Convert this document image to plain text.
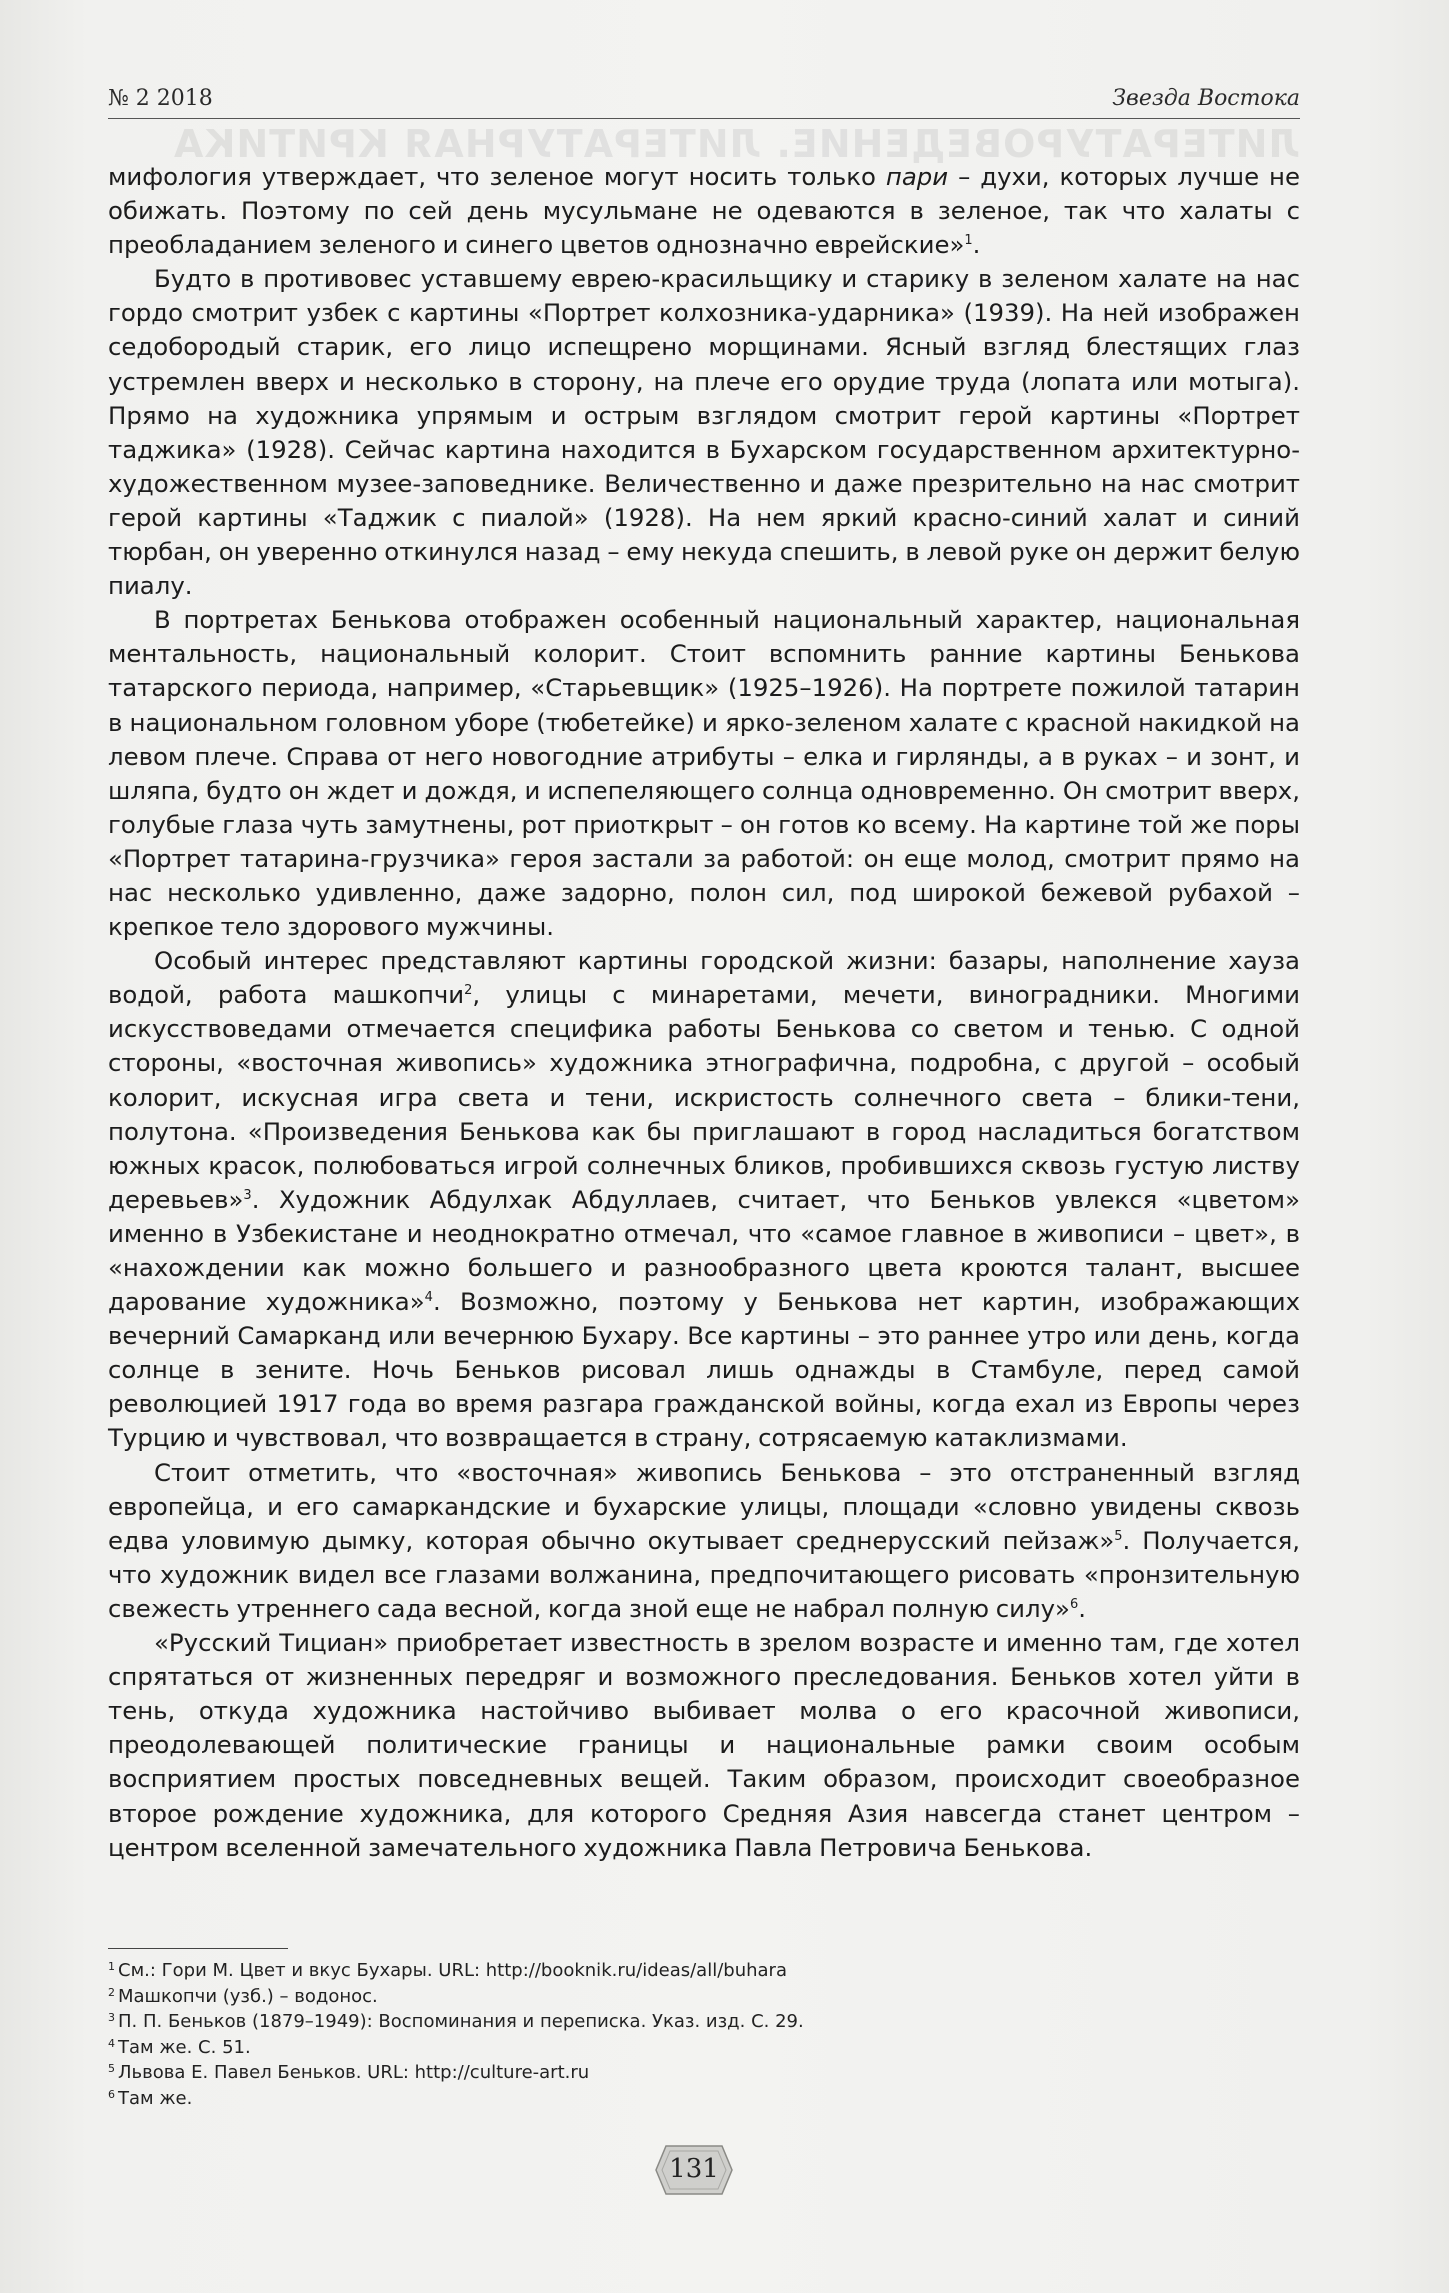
№ 2 2018	Звезда Востока
ЛИТЕРАТУРОВЕДЕНИЕ. ЛИТЕРАТУРНАЯ КРИТИКА

мифология утверждает, что зеленое могут носить только пари – духи, которых лучше не обижать. Поэтому по сей день мусульмане не одеваются в зеленое, так что халаты с преобладанием зеленого и синего цветов однозначно еврейские»$^1$.

Будто в противовес уставшему еврею-красильщику и старику в зеленом халате на нас гордо смотрит узбек с картины «Портрет колхозника-ударника» (1939). На ней изображен седобородый старик, его лицо испещрено морщинами. Ясный взгляд блестящих глаз устремлен вверх и несколько в сторону, на плече его орудие труда (лопата или мотыга). Прямо на художника упрямым и острым взглядом смотрит герой картины «Портрет таджика» (1928). Сейчас картина находится в Бухарском государственном архитектурно-художественном музее-заповеднике. Величественно и даже презрительно на нас смотрит герой картины «Таджик с пиалой» (1928). На нем яркий красно-синий халат и синий тюрбан, он уверенно откинулся назад – ему некуда спешить, в левой руке он держит белую пиалу.

В портретах Бенькова отображен особенный национальный характер, национальная ментальность, национальный колорит. Стоит вспомнить ранние картины Бенькова татарского периода, например, «Старьевщик» (1925–1926). На портрете пожилой татарин в национальном головном уборе (тюбетейке) и ярко-зеленом халате с красной накидкой на левом плече. Справа от него новогодние атрибуты – елка и гирлянды, а в руках – и зонт, и шляпа, будто он ждет и дождя, и испепеляющего солнца одновременно. Он смотрит вверх, голубые глаза чуть замутнены, рот приоткрыт – он готов ко всему. На картине той же поры «Портрет татарина-грузчика» героя застали за работой: он еще молод, смотрит прямо на нас несколько удивленно, даже задорно, полон сил, под широкой бежевой рубахой – крепкое тело здорового мужчины.

Особый интерес представляют картины городской жизни: базары, наполнение хауза водой, работа машкопчи$^2$, улицы с минаретами, мечети, виноградники. Многими искусствоведами отмечается специфика работы Бенькова со светом и тенью. С одной стороны, «восточная живопись» художника этнографична, подробна, с другой – особый колорит, искусная игра света и тени, искристость солнечного света – блики-тени, полутона. «Произведения Бенькова как бы приглашают в город насладиться богатством южных красок, полюбоваться игрой солнечных бликов, пробившихся сквозь густую листву деревьев»$^3$. Художник Абдулхак Абдуллаев, считает, что Беньков увлекся «цветом» именно в Узбекистане и неоднократно отмечал, что «самое главное в живописи – цвет», в «нахождении как можно большего и разнообразного цвета кроются талант, высшее дарование художника»$^4$. Возможно, поэтому у Бенькова нет картин, изображающих вечерний Самарканд или вечернюю Бухару. Все картины – это раннее утро или день, когда солнце в зените. Ночь Беньков рисовал лишь однажды в Стамбуле, перед самой революцией 1917 года во время разгара гражданской войны, когда ехал из Европы через Турцию и чувствовал, что возвращается в страну, сотрясаемую катаклизмами.

Стоит отметить, что «восточная» живопись Бенькова – это отстраненный взгляд европейца, и его самаркандские и бухарские улицы, площади «словно увидены сквозь едва уловимую дымку, которая обычно окутывает среднерусский пейзаж»$^5$. Получается, что художник видел все глазами волжанина, предпочитающего рисовать «пронзительную свежесть утреннего сада весной, когда зной еще не набрал полную силу»$^6$.

«Русский Тициан» приобретает известность в зрелом возрасте и именно там, где хотел спрятаться от жизненных передряг и возможного преследования. Беньков хотел уйти в тень, откуда художника настойчиво выбивает молва о его красочной живописи, преодолевающей политические границы и национальные рамки своим особым восприятием простых повседневных вещей. Таким образом, происходит своеобразное второе рождение художника, для которого Средняя Азия навсегда станет центром – центром вселенной замечательного художника Павла Петровича Бенькова.

$^1$ См.: Гори М. Цвет и вкус Бухары. URL: http://booknik.ru/ideas/all/buhara
$^2$ Машкопчи (узб.) – водонос.
$^3$ П. П. Беньков (1879–1949): Воспоминания и переписка. Указ. изд. С. 29.
$^4$ Там же. С. 51.
$^5$ Львова Е. Павел Беньков. URL: http://culture-art.ru
$^6$ Там же.
131
